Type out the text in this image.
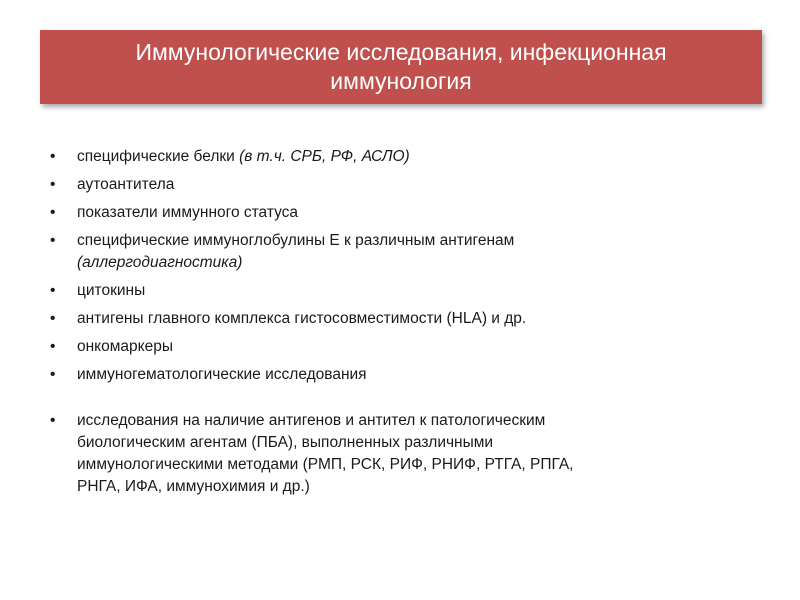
Иммунологические исследования, инфекционная
иммунология
• специфические белки (в т.ч. СРБ, РФ, АСЛО)
• аутоантитела
• показатели иммунного статуса
• специфические иммуноглобулины Е к различным антигенам
(аллергодиагностика)
• цитокины
• антигены главного комплекса гистосовместимости (HLA) и др.
• онкомаркеры
• иммуногематологические исследования
• исследования на наличие антигенов и антител к патологическим
биологическим агентам (ПБА), выполненных различными
иммунологическими методами (РМП, РСК, РИФ, РНИФ, РТГА, РПГА,
РНГА, ИФА, иммунохимия и др.)
